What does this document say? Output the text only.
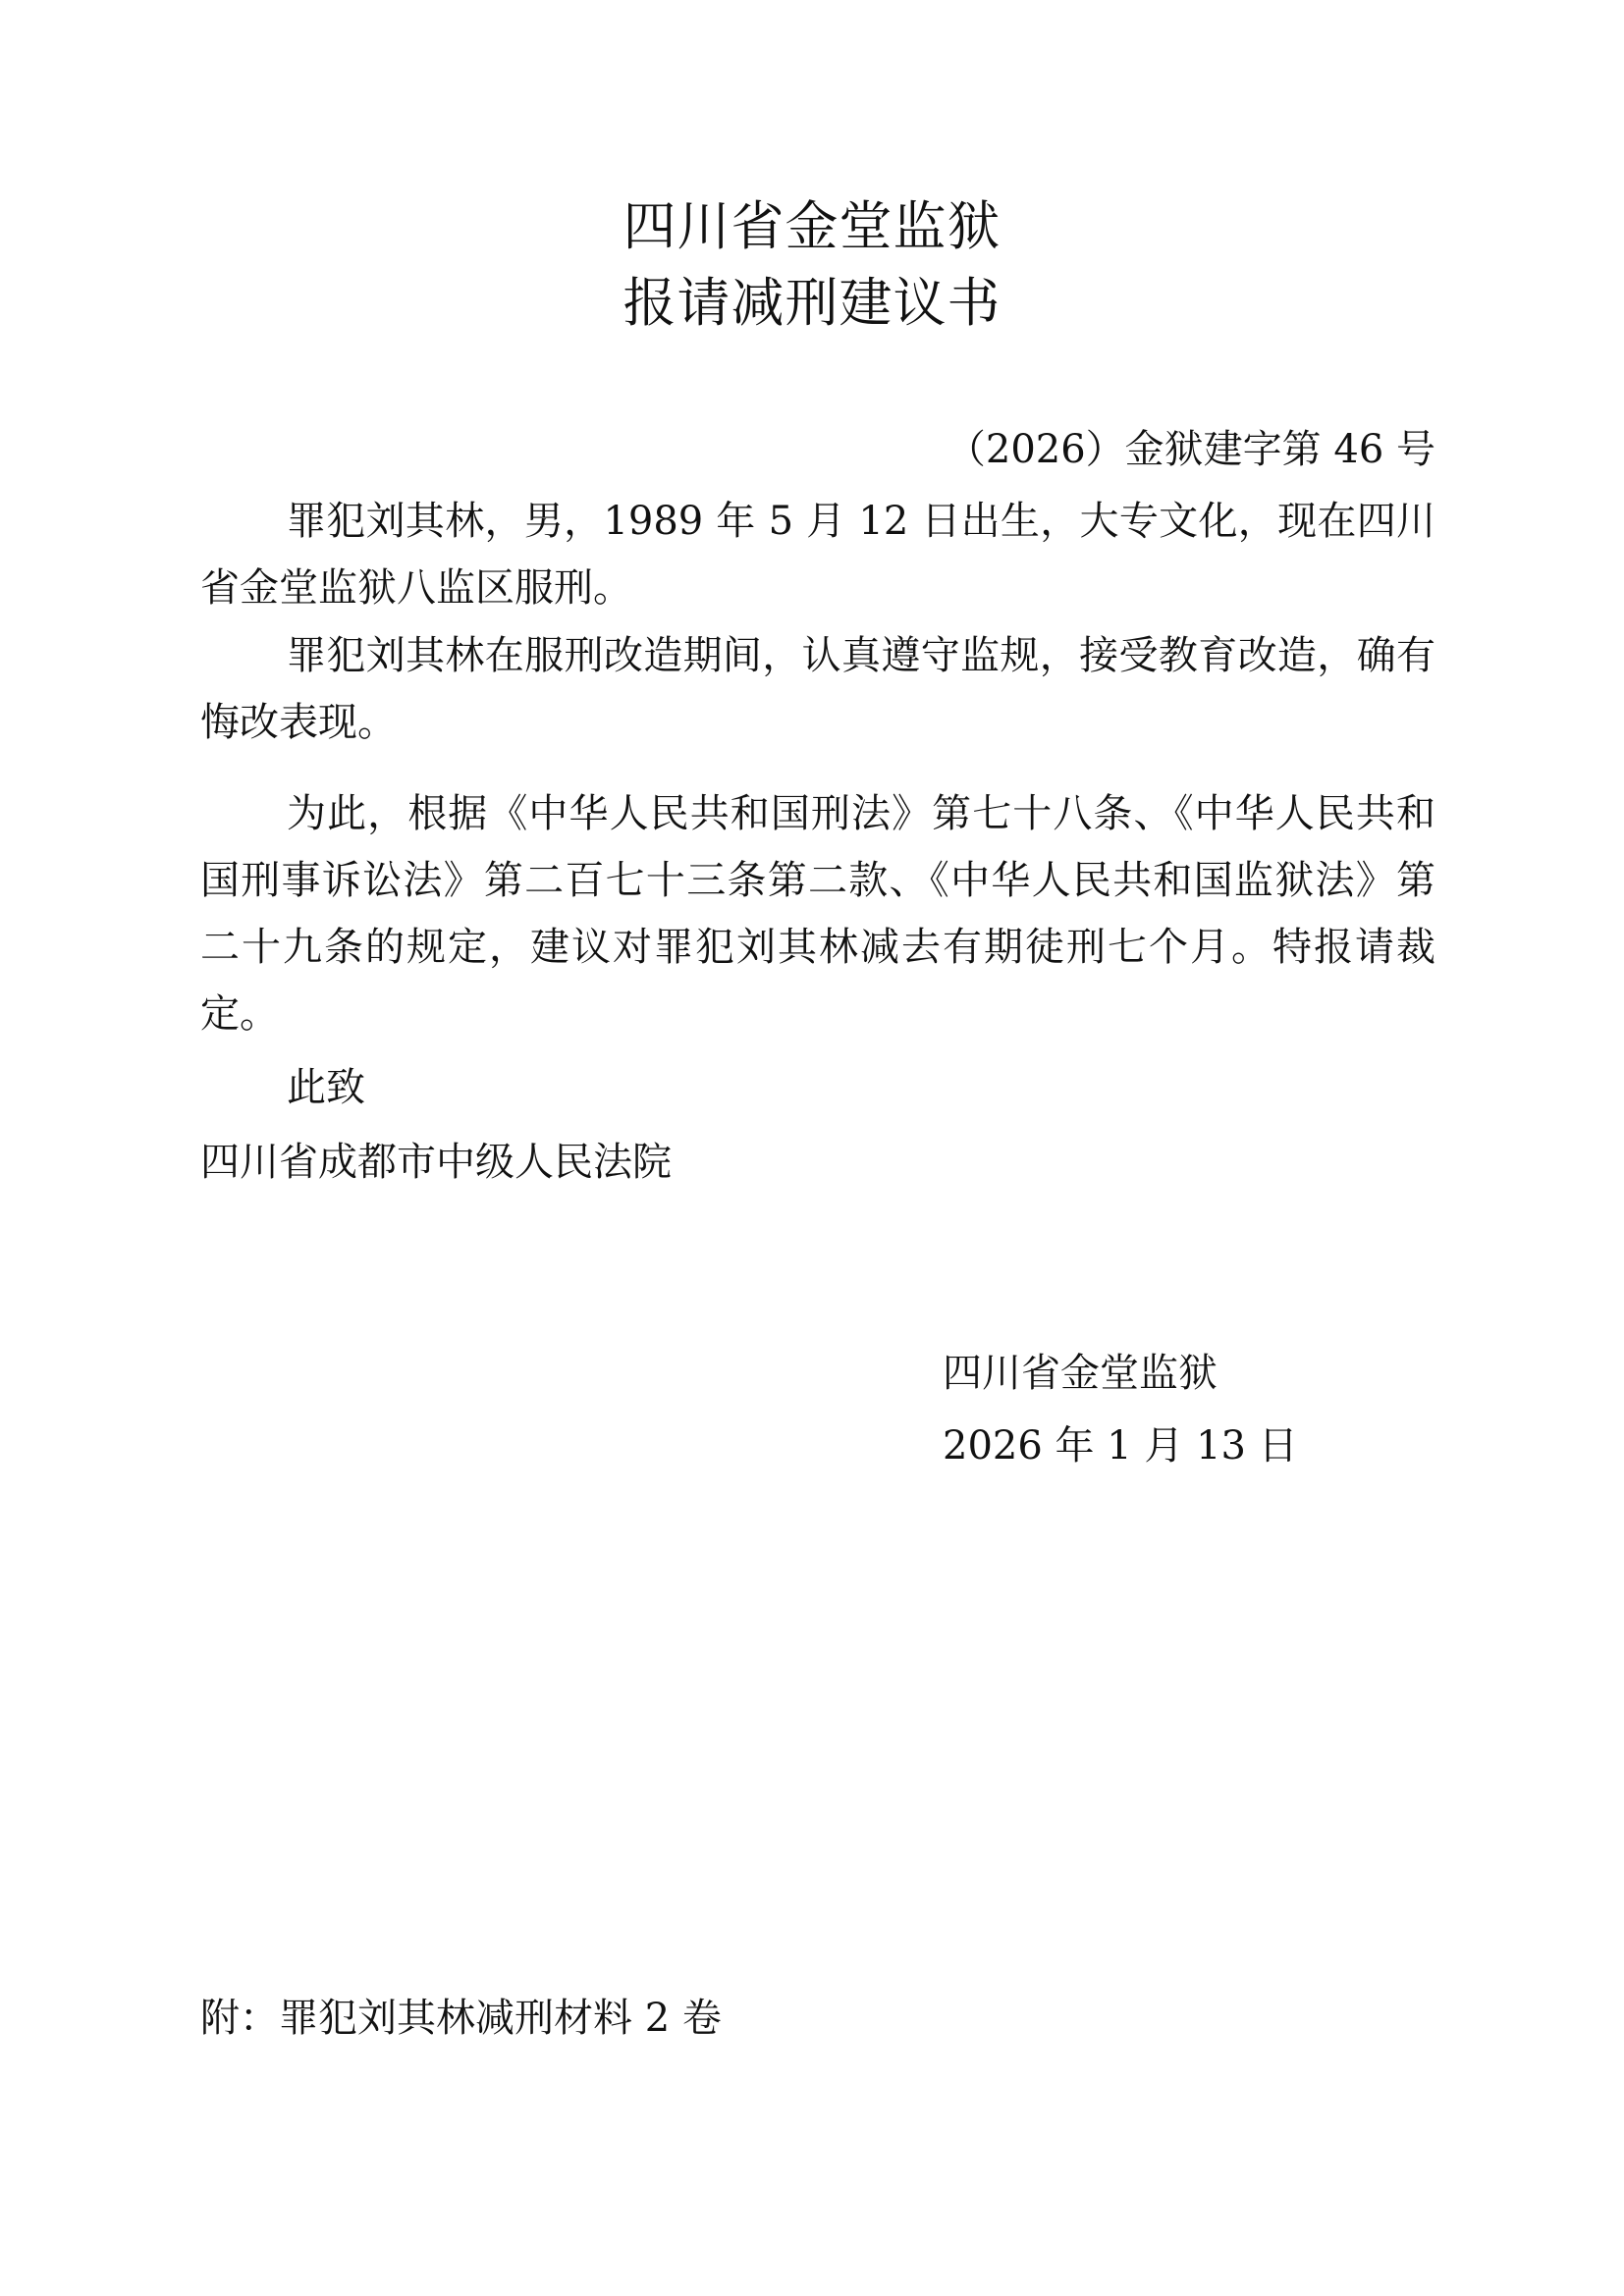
四川省金堂监狱
报请减刑建议书
（2026）金狱建字第 46 号

罪犯刘其林，男，1989 年 5 月 12 日出生，大专文化，现在四川省金堂监狱八监区服刑。

罪犯刘其林在服刑改造期间，认真遵守监规，接受教育改造，确有悔改表现。

为此，根据《中华人民共和国刑法》第七十八条、《中华人民共和国刑事诉讼法》第二百七十三条第二款、《中华人民共和国监狱法》第二十九条的规定，建议对罪犯刘其林减去有期徒刑七个月。特报请裁定。

此致
四川省成都市中级人民法院
四川省金堂监狱
2026 年 1 月 13 日
附：罪犯刘其林减刑材料 2 卷
